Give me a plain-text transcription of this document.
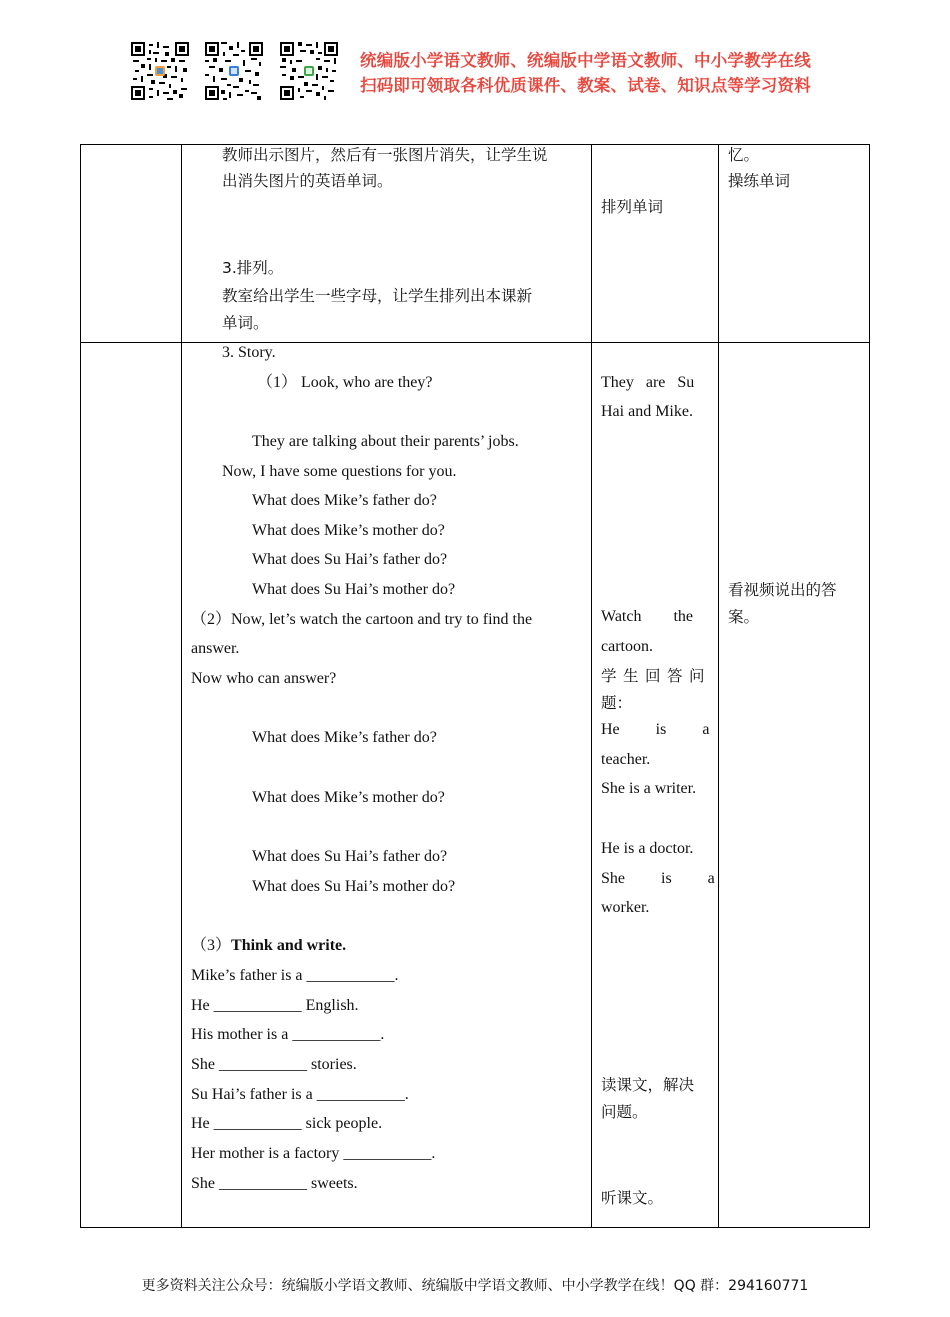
统编版小学语文教师、统编版中学语文教师、中小学教学在线
扫码即可领取各科优质课件、教案、试卷、知识点等学习资料
教师出示图片，然后有一张图片消失，让学生说
出消失图片的英语单词。
3.排列。
教室给出学生一些字母，让学生排列出本课新
单词。
排列单词
忆。
操练单词
3. Story.
（1） Look, who are they?
They are talking about their parents’ jobs.
Now, I have some questions for you.
What does Mike’s father do?
What does Mike’s mother do?
What does Su Hai’s father do?
What does Su Hai’s mother do?
（2）Now, let’s watch the cartoon and try to find the
answer.
Now who can answer?
What does Mike’s father do?
What does Mike’s mother do?
What does Su Hai’s father do?
What does Su Hai’s mother do?
（3）Think and write.
Mike’s father is a ___________.
He ___________ English.
His mother is a ___________.
She ___________ stories.
Su Hai’s father is a ___________.
He ___________ sick people.
Her mother is a factory ___________.
She ___________ sweets.
They   are   Su
Hai and Mike.
Watch        the
cartoon.
学生回答问
题：
He         is         a
teacher.
She is a writer.
He is a doctor.
She         is         a
worker.
读课文，解决
问题。
听课文。
看视频说出的答
案。
更多资料关注公众号：统编版小学语文教师、统编版中学语文教师、中小学教学在线！QQ 群：294160771
